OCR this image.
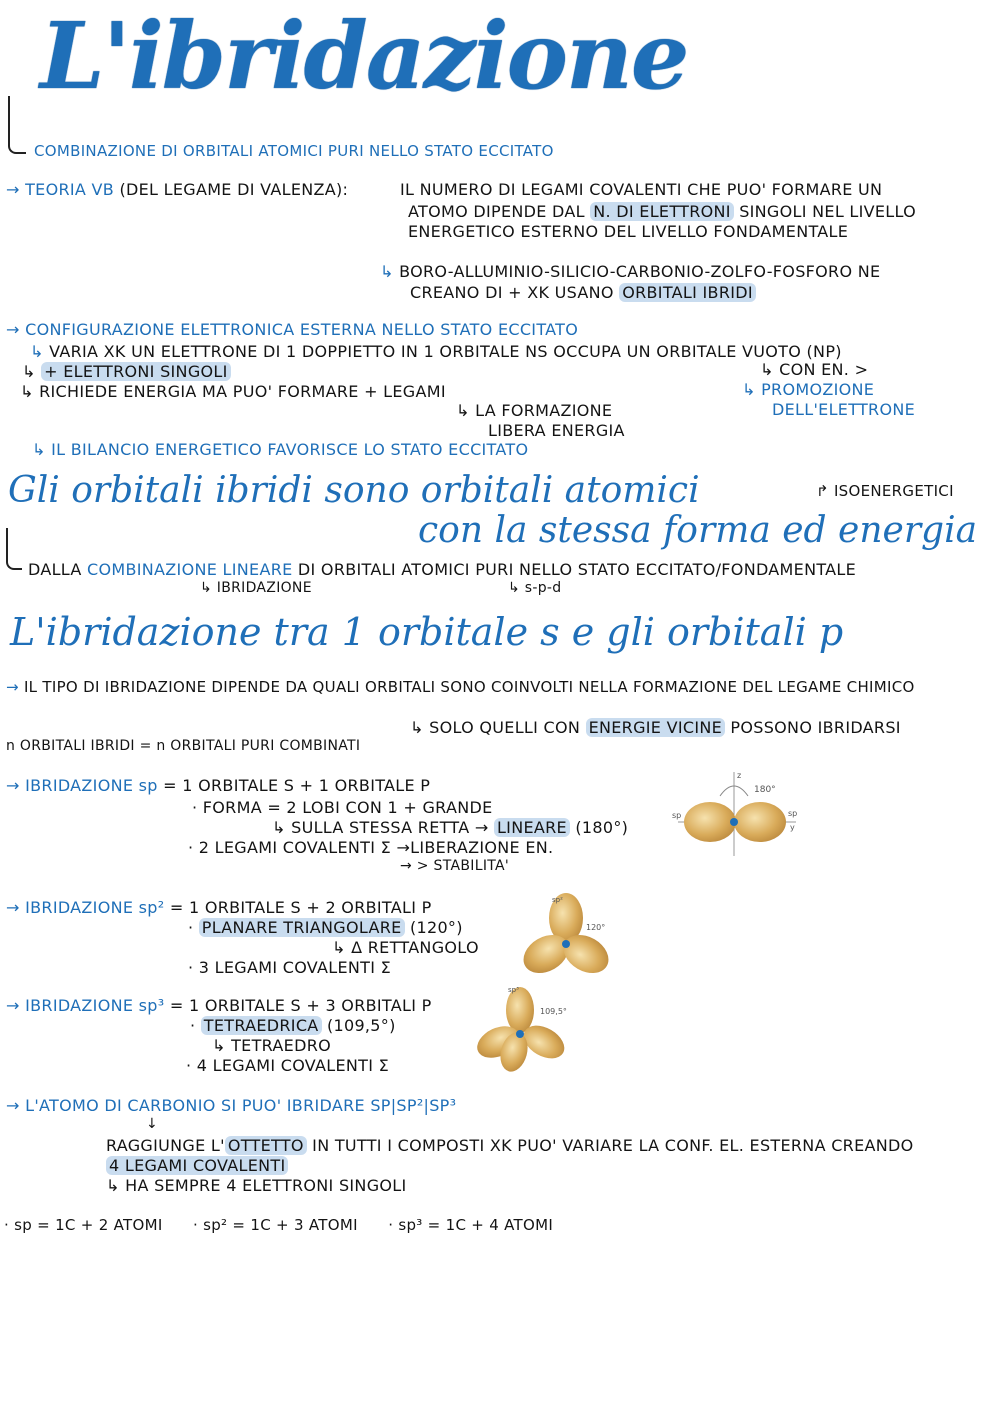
L'ibridazione
COMBINAZIONE DI ORBITALI ATOMICI PURI NELLO STATO ECCITATO
→ TEORIA VB (DEL LEGAME DI VALENZA):	IL NUMERO DI LEGAMI COVALENTI CHE PUO' FORMARE UN
ATOMO DIPENDE DAL N. DI ELETTRONI SINGOLI NEL LIVELLO
ENERGETICO ESTERNO DEL LIVELLO FONDAMENTALE
↳ BORO-ALLUMINIO-SILICIO-CARBONIO-ZOLFO-FOSFORO NE
CREANO DI + XK USANO ORBITALI IBRIDI
→ CONFIGURAZIONE ELETTRONICA ESTERNA NELLO STATO ECCITATO
↳ VARIA XK UN ELETTRONE DI 1 DOPPIETTO IN 1 ORBITALE NS OCCUPA UN ORBITALE VUOTO (NP)
↳ + ELETTRONI SINGOLI
↳ RICHIEDE ENERGIA MA PUO' FORMARE + LEGAMI
↳ CON EN. >
↳ PROMOZIONE
DELL'ELETTRONE
↳ LA FORMAZIONE
LIBERA ENERGIA
↳ IL BILANCIO ENERGETICO FAVORISCE LO STATO ECCITATO
Gli orbitali ibridi sono orbitali atomici
con la stessa forma ed energia
↱ ISOENERGETICI
DALLA COMBINAZIONE LINEARE DI ORBITALI ATOMICI PURI NELLO STATO ECCITATO/FONDAMENTALE
↳ IBRIDAZIONE	↳ s-p-d
L'ibridazione tra 1 orbitale s e gli orbitali p
→ IL TIPO DI IBRIDAZIONE DIPENDE DA QUALI ORBITALI SONO COINVOLTI NELLA FORMAZIONE DEL LEGAME CHIMICO
↳ SOLO QUELLI CON ENERGIE VICINE POSSONO IBRIDARSI
n ORBITALI IBRIDI = n ORBITALI PURI COMBINATI
→ IBRIDAZIONE sp = 1 ORBITALE S + 1 ORBITALE P
· FORMA = 2 LOBI CON 1 + GRANDE
↳ SULLA STESSA RETTA → LINEARE (180°)
· 2 LEGAMI COVALENTI Σ →LIBERAZIONE EN.
→ > STABILITA'
180°
z
y
sp	sp
→ IBRIDAZIONE sp² = 1 ORBITALE S + 2 ORBITALI P
· PLANARE TRIANGOLARE (120°)
↳ Δ RETTANGOLO
· 3 LEGAMI COVALENTI Σ
120°
sp²
→ IBRIDAZIONE sp³ = 1 ORBITALE S + 3 ORBITALI P
· TETRAEDRICA (109,5°)
↳ TETRAEDRO
· 4 LEGAMI COVALENTI Σ
109,5°
sp³
→ L'ATOMO DI CARBONIO SI PUO' IBRIDARE SP|SP²|SP³
↓
RAGGIUNGE L' OTTETTO IN TUTTI I COMPOSTI XK PUO' VARIARE LA CONF. EL. ESTERNA CREANDO
4 LEGAMI COVALENTI
↳ HA SEMPRE 4 ELETTRONI SINGOLI
· sp = 1C + 2 ATOMI      · sp² = 1C + 3 ATOMI      · sp³ = 1C + 4 ATOMI
